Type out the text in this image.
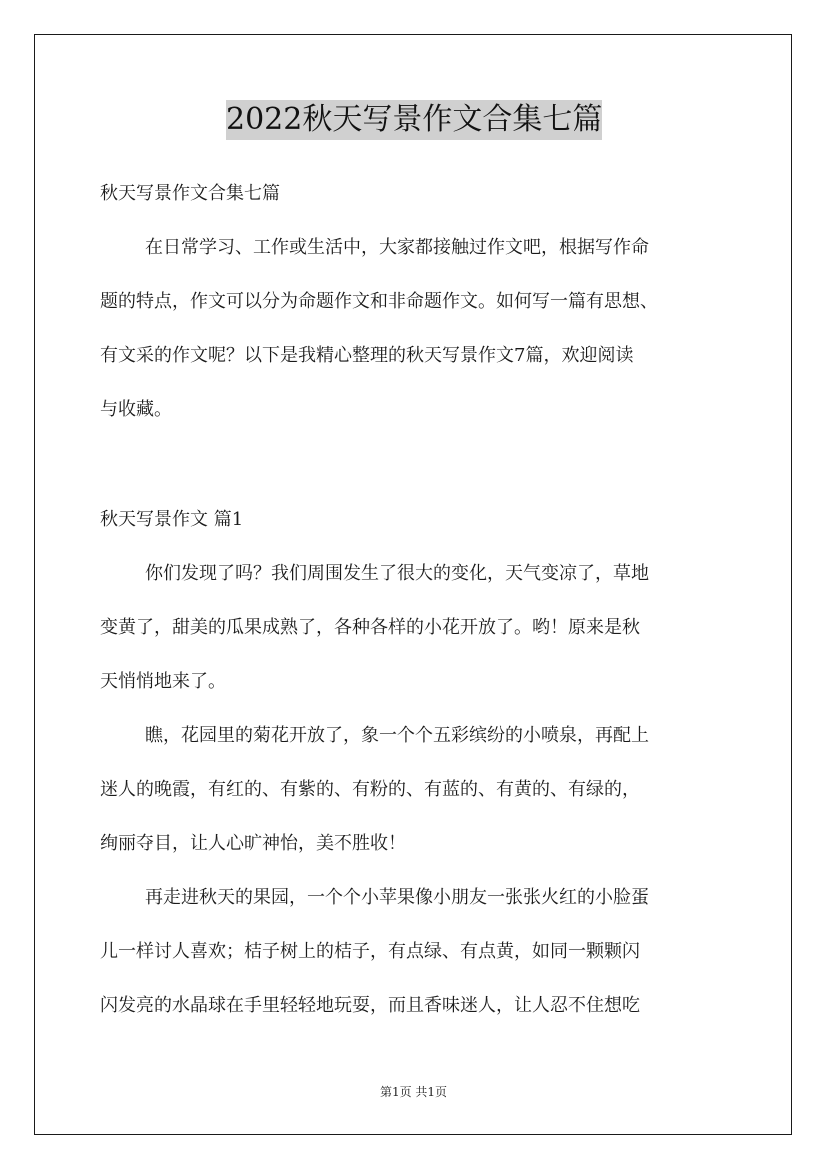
2022秋天写景作文合集七篇
秋天写景作文合集七篇
在日常学习、工作或生活中，大家都接触过作文吧，根据写作命
题的特点，作文可以分为命题作文和非命题作文。如何写一篇有思想、
有文采的作文呢？以下是我精心整理的秋天写景作文7篇，欢迎阅读
与收藏。
秋天写景作文 篇1
你们发现了吗？我们周围发生了很大的变化，天气变凉了，草地
变黄了，甜美的瓜果成熟了，各种各样的小花开放了。哟！原来是秋
天悄悄地来了。
瞧，花园里的菊花开放了，象一个个五彩缤纷的小喷泉，再配上
迷人的晚霞，有红的、有紫的、有粉的、有蓝的、有黄的、有绿的，
绚丽夺目，让人心旷神怡，美不胜收！
再走进秋天的果园，一个个小苹果像小朋友一张张火红的小脸蛋
儿一样讨人喜欢；桔子树上的桔子，有点绿、有点黄，如同一颗颗闪
闪发亮的水晶球在手里轻轻地玩耍，而且香味迷人，让人忍不住想吃
第1页 共1页
